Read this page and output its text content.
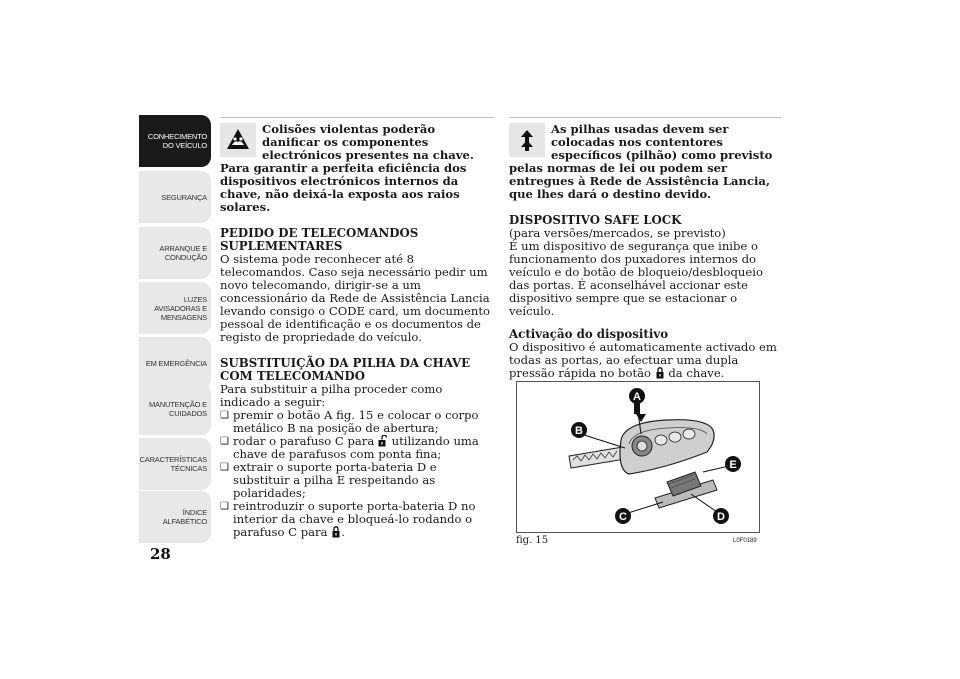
CONHECIMENTO
DO VEÍCULO
SEGURANÇA
ARRANQUE E
CONDUÇÃO
LUZES
AVISADORAS E
MENSAGENS
EM EMERGÊNCIA
MANUTENÇÃO E
CUIDADOS
CARACTERÍSTICAS
TÉCNICAS
ÍNDICE
ALFABÉTICO
28

Colisões violentas poderão danificar os componentes electrónicos presentes na chave. Para garantir a perfeita eficiência dos dispositivos electrónicos internos da chave, não deixá-la exposta aos raios solares.

PEDIDO DE TELECOMANDOS SUPLEMENTARES

O sistema pode reconhecer até 8 telecomandos. Caso seja necessário pedir um novo telecomando, dirigir-se a um concessionário da Rede de Assistência Lancia levando consigo o CODE card, um documento pessoal de identificação e os documentos de registo de propriedade do veículo.

SUBSTITUIÇÃO DA PILHA DA CHAVE COM TELECOMANDO

Para substituir a pilha proceder como indicado a seguir:

❑ premir o botão A fig. 15 e colocar o corpo metálico B na posição de abertura;
❑ rodar o parafuso C para  utilizando uma chave de parafusos com ponta fina;
❑ extrair o suporte porta-bateria D e substituir a pilha E respeitando as polaridades;
❑ reintroduzir o suporte porta-bateria D no interior da chave e bloqueá-lo rodando o parafuso C para .

As pilhas usadas devem ser colocadas nos contentores específicos (pilhão) como previsto pelas normas de lei ou podem ser entregues à Rede de Assistência Lancia, que lhes dará o destino devido.

DISPOSITIVO SAFE LOCK

(para versões/mercados, se previsto)

É um dispositivo de segurança que inibe o funcionamento dos puxadores internos do veículo e do botão de bloqueio/desbloqueio das portas. É aconselhável accionar este dispositivo sempre que se estacionar o veículo.

Activação do dispositivo

O dispositivo é automaticamente activado em todas as portas, ao efectuar uma dupla pressão rápida no botão  da chave.

A
B
C	D
E
fig. 15	L0F0189
